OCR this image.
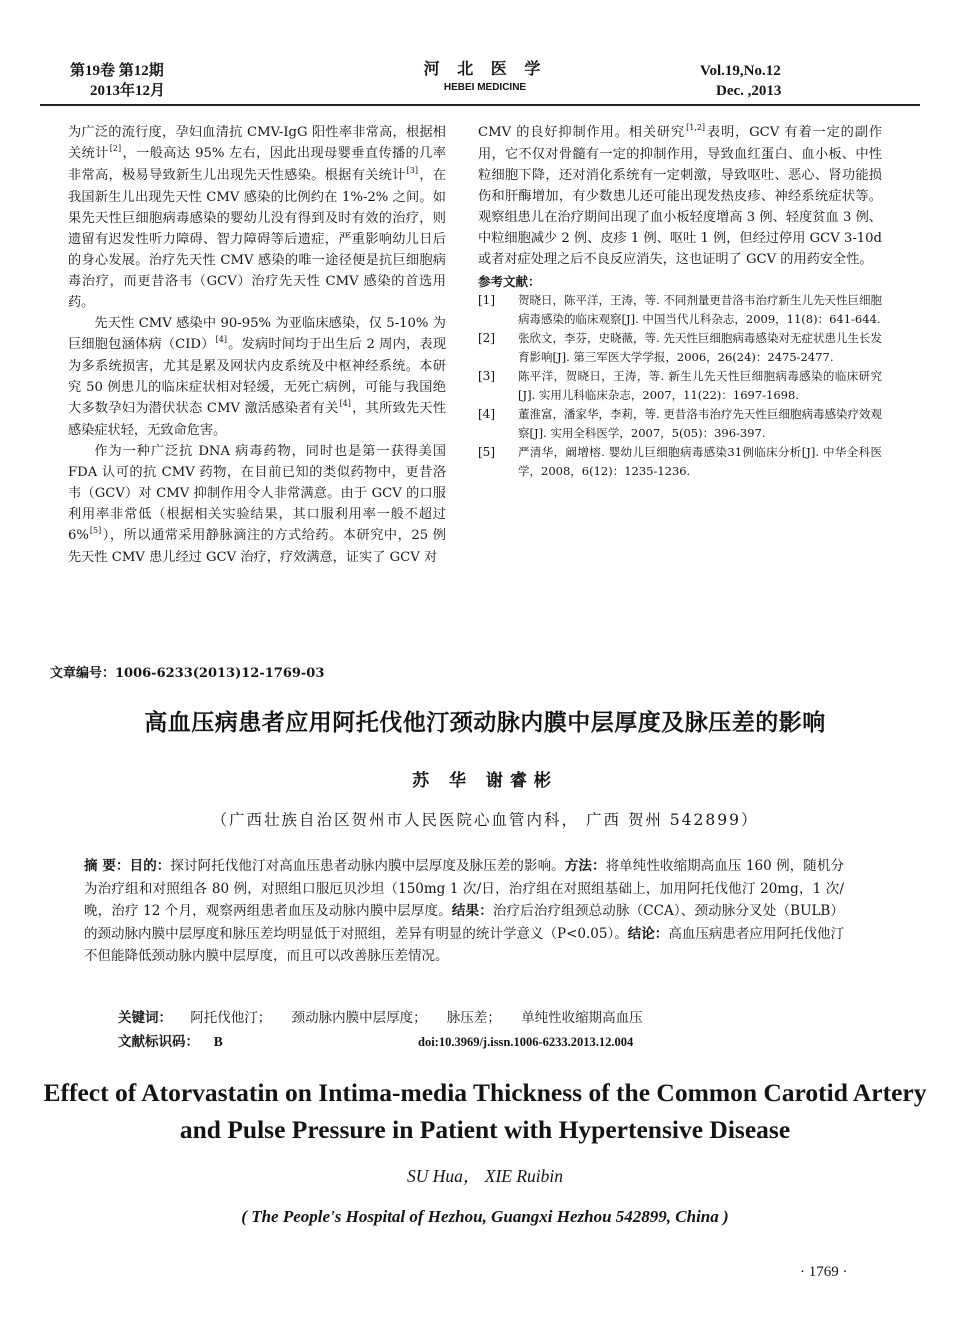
第19卷 第12期
2013年12月
河 北 医 学
HEBEI MEDICINE
Vol.19,No.12
Dec. ,2013

为广泛的流行度，孕妇血清抗 CMV-IgG 阳性率非常高，根据相关统计[2]，一般高达 95% 左右，因此出现母婴垂直传播的几率非常高，极易导致新生儿出现先天性感染。根据有关统计[3]，在我国新生儿出现先天性 CMV 感染的比例约在 1%-2% 之间。如果先天性巨细胞病毒感染的婴幼儿没有得到及时有效的治疗，则遗留有迟发性听力障碍、智力障碍等后遗症，严重影响幼儿日后的身心发展。治疗先天性 CMV 感染的唯一途径便是抗巨细胞病毒治疗，而更昔洛韦（GCV）治疗先天性 CMV 感染的首选用药。

先天性 CMV 感染中 90-95% 为亚临床感染，仅 5-10% 为巨细胞包涵体病（CID）[4]。发病时间均于出生后 2 周内，表现为多系统损害，尤其是累及网状内皮系统及中枢神经系统。本研究 50 例患儿的临床症状相对轻缓，无死亡病例，可能与我国绝大多数孕妇为潜伏状态 CMV 激活感染者有关[4]，其所致先天性感染症状轻，无致命危害。

作为一种广泛抗 DNA 病毒药物，同时也是第一获得美国 FDA 认可的抗 CMV 药物，在目前已知的类似药物中，更昔洛韦（GCV）对 CMV 抑制作用令人非常满意。由于 GCV 的口服利用率非常低（根据相关实验结果，其口服利用率一般不超过 6%[5]），所以通常采用静脉滴注的方式给药。本研究中，25 例先天性 CMV 患儿经过 GCV 治疗，疗效满意，证实了 GCV 对

CMV 的良好抑制作用。相关研究[1,2]表明，GCV 有着一定的副作用，它不仅对骨髓有一定的抑制作用，导致血红蛋白、血小板、中性粒细胞下降，还对消化系统有一定刺激，导致呕吐、恶心、肾功能损伤和肝酶增加，有少数患儿还可能出现发热皮疹、神经系统症状等。观察组患儿在治疗期间出现了血小板轻度增高 3 例、轻度贫血 3 例、中粒细胞减少 2 例、皮疹 1 例、呕吐 1 例，但经过停用 GCV 3-10d 或者对症处理之后不良反应消失，这也证明了 GCV 的用药安全性。

参考文献：
[1] 贺晓日，陈平洋，王涛，等. 不同剂量更昔洛韦治疗新生儿先天性巨细胞病毒感染的临床观察[J]. 中国当代儿科杂志，2009，11(8)：641-644.
[2] 张欣文，李芬，史晓薇，等. 先天性巨细胞病毒感染对无症状患儿生长发育影响[J]. 第三军医大学学报，2006，26(24)：2475-2477.
[3] 陈平洋，贺晓日，王涛，等. 新生儿先天性巨细胞病毒感染的临床研究[J]. 实用儿科临床杂志，2007，11(22)：1697-1698.
[4] 董淮富，潘家华，李莉，等. 更昔洛韦治疗先天性巨细胞病毒感染疗效观察[J]. 实用全科医学，2007，5(05)：396-397.
[5] 严清华，阚增榕. 婴幼儿巨细胞病毒感染31例临床分析[J]. 中华全科医学，2008，6(12)：1235-1236.
文章编号：1006-6233(2013)12-1769-03
高血压病患者应用阿托伐他汀颈动脉内膜中层厚度及脉压差的影响
苏 华 谢睿彬
（广西壮族自治区贺州市人民医院心血管内科， 广西 贺州 542899）
摘 要：目的：探讨阿托伐他汀对高血压患者动脉内膜中层厚度及脉压差的影响。方法：将单纯性收缩期高血压 160 例，随机分为治疗组和对照组各 80 例，对照组口服厄贝沙坦（150mg 1 次/日，治疗组在对照组基础上，加用阿托伐他汀 20mg，1 次/晚，治疗 12 个月，观察两组患者血压及动脉内膜中层厚度。结果：治疗后治疗组颈总动脉（CCA）、颈动脉分叉处（BULB）的颈动脉内膜中层厚度和脉压差均明显低于对照组，差异有明显的统计学意义（P<0.05）。结论：高血压病患者应用阿托伐他汀不但能降低颈动脉内膜中层厚度，而且可以改善脉压差情况。
关键词： 阿托伐他汀； 颈动脉内膜中层厚度； 脉压差； 单纯性收缩期高血压
文献标识码： B	doi:10.3969/j.issn.1006-6233.2013.12.004
Effect of Atorvastatin on Intima-media Thickness of the Common Carotid Artery and Pulse Pressure in Patient with Hypertensive Disease
SU Hua， XIE Ruibin
( The People's Hospital of Hezhou, Guangxi Hezhou 542899, China )
· 1769 ·
